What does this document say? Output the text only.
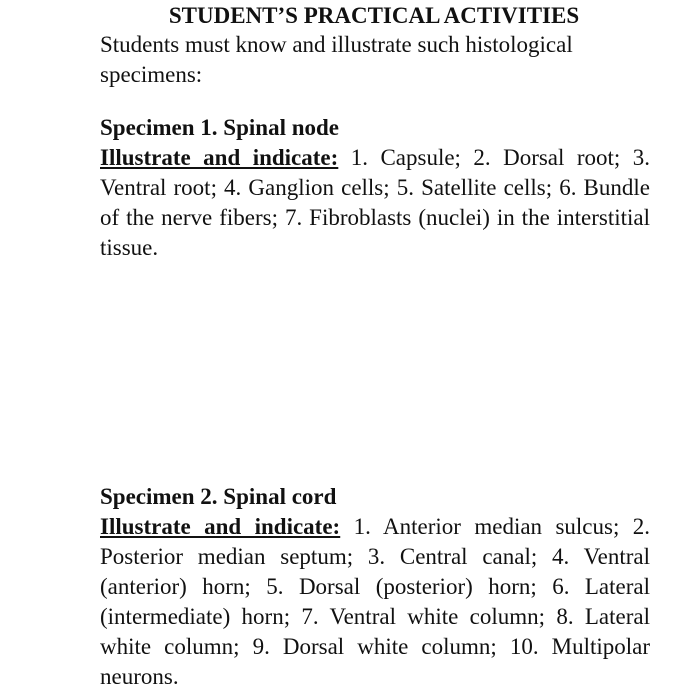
STUDENT’S PRACTICAL ACTIVITIES

Students must know and illustrate such histological specimens:

Specimen 1. Spinal node

Illustrate and indicate: 1. Capsule; 2. Dorsal root; 3. Ventral root; 4. Ganglion cells; 5. Satellite cells; 6. Bundle of the nerve fibers; 7. Fibroblasts (nuclei) in the interstitial tissue.

Specimen 2. Spinal cord

Illustrate and indicate: 1. Anterior median sulcus; 2. Posterior median septum; 3. Central canal; 4. Ventral (anterior) horn; 5. Dorsal (posterior) horn; 6. Lateral (intermediate) horn; 7. Ventral white column; 8. Lateral white column; 9. Dorsal white column; 10. Multipolar neurons.
